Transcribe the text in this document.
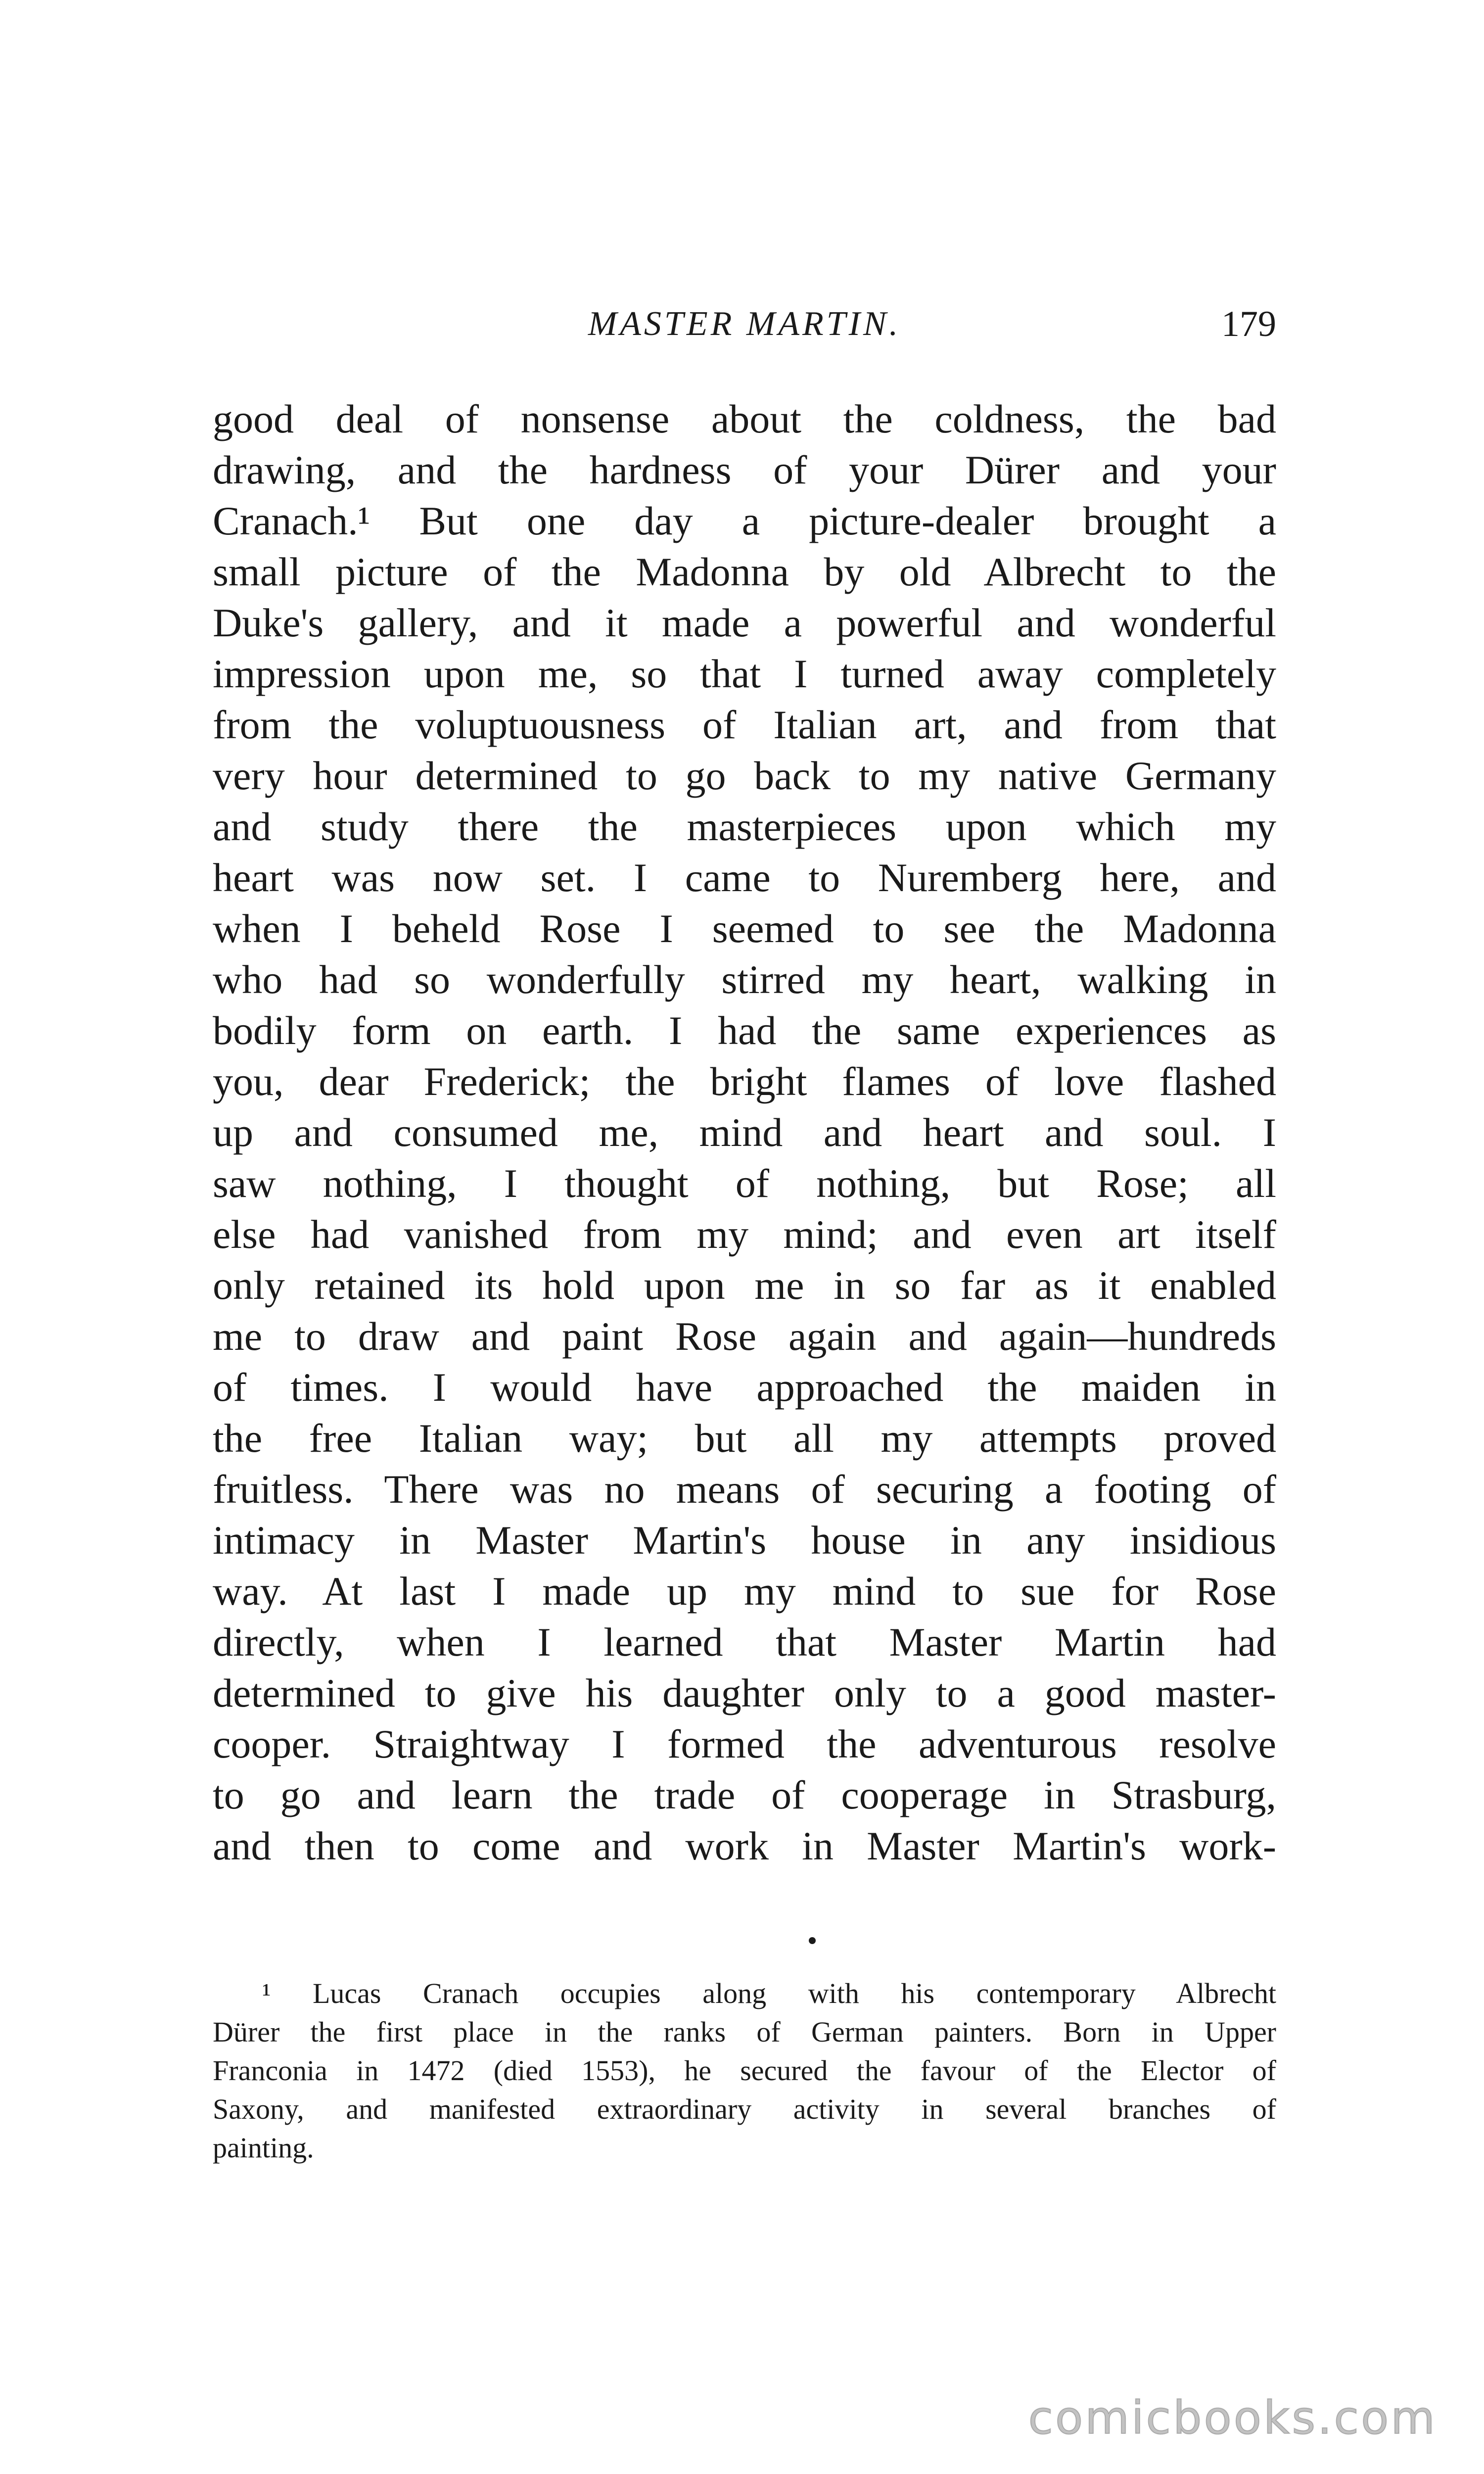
MASTER MARTIN.	179
good deal of nonsense about the coldness, the bad
drawing, and the hardness of your Dürer and your
Cranach.¹ But one day a picture-dealer brought a
small picture of the Madonna by old Albrecht to the
Duke's gallery, and it made a powerful and wonderful
impression upon me, so that I turned away completely
from the voluptuousness of Italian art, and from that
very hour determined to go back to my native Germany
and study there the masterpieces upon which my
heart was now set. I came to Nuremberg here, and
when I beheld Rose I seemed to see the Madonna
who had so wonderfully stirred my heart, walking in
bodily form on earth. I had the same experiences as
you, dear Frederick; the bright flames of love flashed
up and consumed me, mind and heart and soul. I
saw nothing, I thought of nothing, but Rose; all
else had vanished from my mind; and even art itself
only retained its hold upon me in so far as it enabled
me to draw and paint Rose again and again—hundreds
of times. I would have approached the maiden in
the free Italian way; but all my attempts proved
fruitless. There was no means of securing a footing of
intimacy in Master Martin's house in any insidious
way. At last I made up my mind to sue for Rose
directly, when I learned that Master Martin had
determined to give his daughter only to a good master-
cooper. Straightway I formed the adventurous resolve
to go and learn the trade of cooperage in Strasburg,
and then to come and work in Master Martin's work-
¹ Lucas Cranach occupies along with his contemporary Albrecht
Dürer the first place in the ranks of German painters. Born in Upper
Franconia in 1472 (died 1553), he secured the favour of the Elector of
Saxony, and manifested extraordinary activity in several branches of
painting.
comicbooks.com
